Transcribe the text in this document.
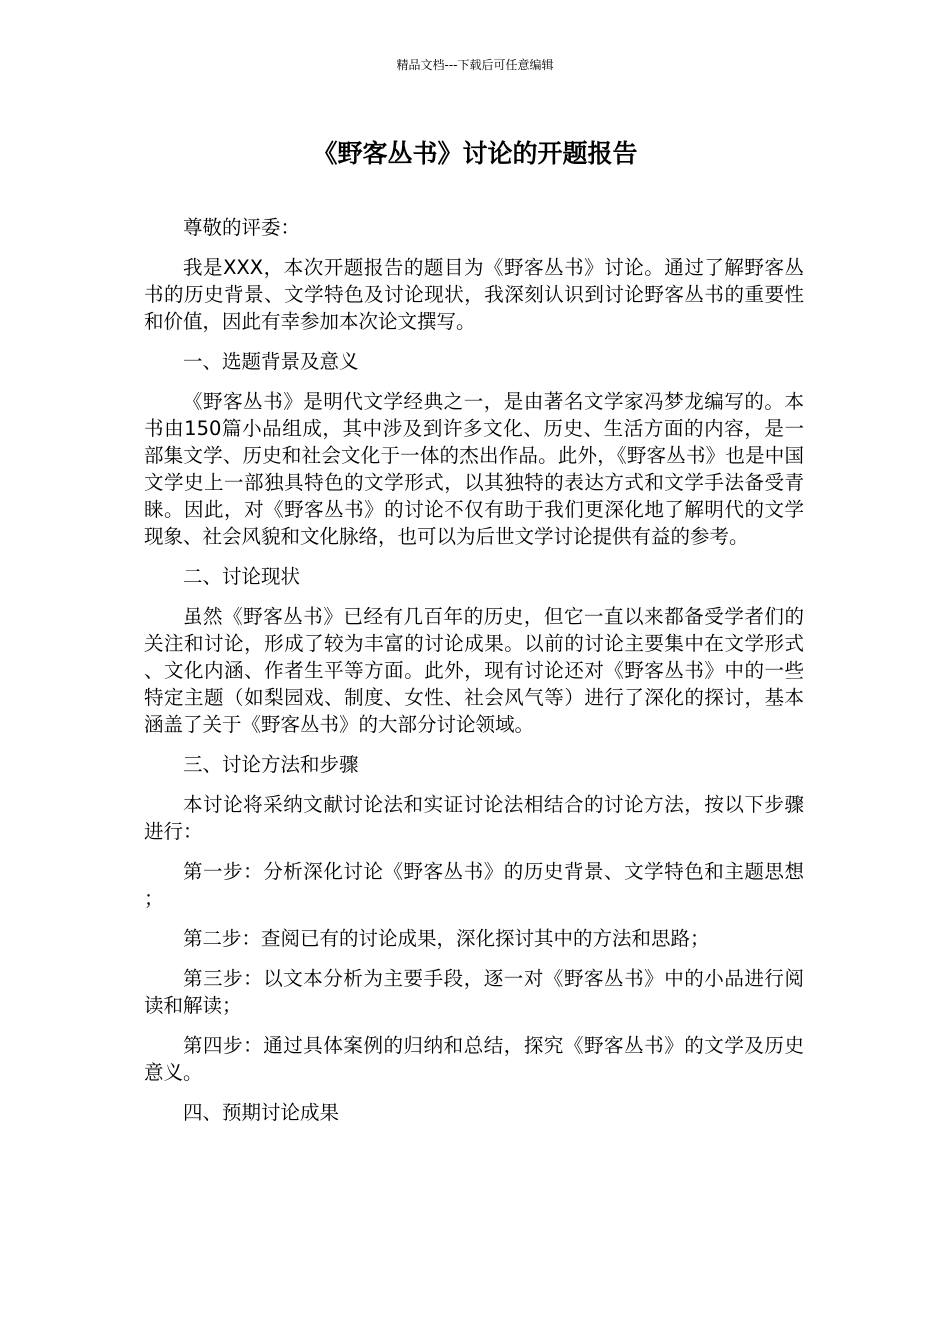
精品文档---下载后可任意编辑
《野客丛书》讨论的开题报告

尊敬的评委：

我是XXX，本次开题报告的题目为《野客丛书》讨论。通过了解野客丛书的历史背景、文学特色及讨论现状，我深刻认识到讨论野客丛书的重要性和价值，因此有幸参加本次论文撰写。

一、选题背景及意义

《野客丛书》是明代文学经典之一，是由著名文学家冯梦龙编写的。本书由150篇小品组成，其中涉及到许多文化、历史、生活方面的内容，是一部集文学、历史和社会文化于一体的杰出作品。此外，《野客丛书》也是中国文学史上一部独具特色的文学形式，以其独特的表达方式和文学手法备受青睐。因此，对《野客丛书》的讨论不仅有助于我们更深化地了解明代的文学现象、社会风貌和文化脉络，也可以为后世文学讨论提供有益的参考。

二、讨论现状

虽然《野客丛书》已经有几百年的历史，但它一直以来都备受学者们的关注和讨论，形成了较为丰富的讨论成果。以前的讨论主要集中在文学形式、文化内涵、作者生平等方面。此外，现有讨论还对《野客丛书》中的一些特定主题（如梨园戏、制度、女性、社会风气等）进行了深化的探讨，基本涵盖了关于《野客丛书》的大部分讨论领域。

三、讨论方法和步骤

本讨论将采纳文献讨论法和实证讨论法相结合的讨论方法，按以下步骤进行：

第一步：分析深化讨论《野客丛书》的历史背景、文学特色和主题思想；

第二步：查阅已有的讨论成果，深化探讨其中的方法和思路；

第三步：以文本分析为主要手段，逐一对《野客丛书》中的小品进行阅读和解读；

第四步：通过具体案例的归纳和总结，探究《野客丛书》的文学及历史意义。

四、预期讨论成果
